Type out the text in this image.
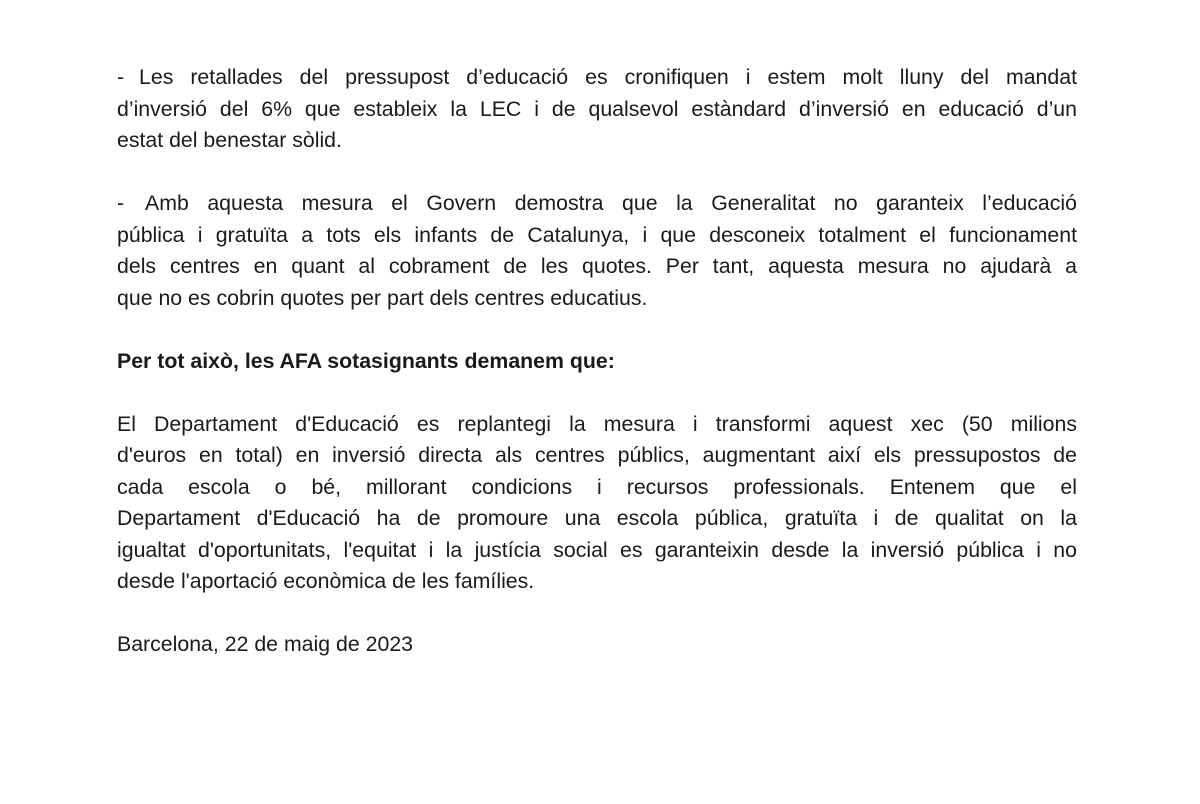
- Les retallades del pressupost d’educació es cronifiquen i estem molt lluny del mandat
d’inversió del 6% que estableix la LEC i de qualsevol estàndard d’inversió en educació d’un
estat del benestar sòlid.
- Amb aquesta mesura el Govern demostra que la Generalitat no garanteix l’educació
pública i gratuïta a tots els infants de Catalunya, i que desconeix totalment el funcionament
dels centres en quant al cobrament de les quotes. Per tant, aquesta mesura no ajudarà a
que no es cobrin quotes per part dels centres educatius.
Per tot això, les AFA sotasignants demanem que:
El Departament d'Educació es replantegi la mesura i transformi aquest xec (50 milions
d'euros en total) en inversió directa als centres públics, augmentant així els pressupostos de
cada escola o bé, millorant condicions i recursos professionals. Entenem que el
Departament d'Educació ha de promoure una escola pública, gratuïta i de qualitat on la
igualtat d'oportunitats, l'equitat i la justícia social es garanteixin desde la inversió pública i no
desde l'aportació econòmica de les famílies.
Barcelona, 22 de maig de 2023
